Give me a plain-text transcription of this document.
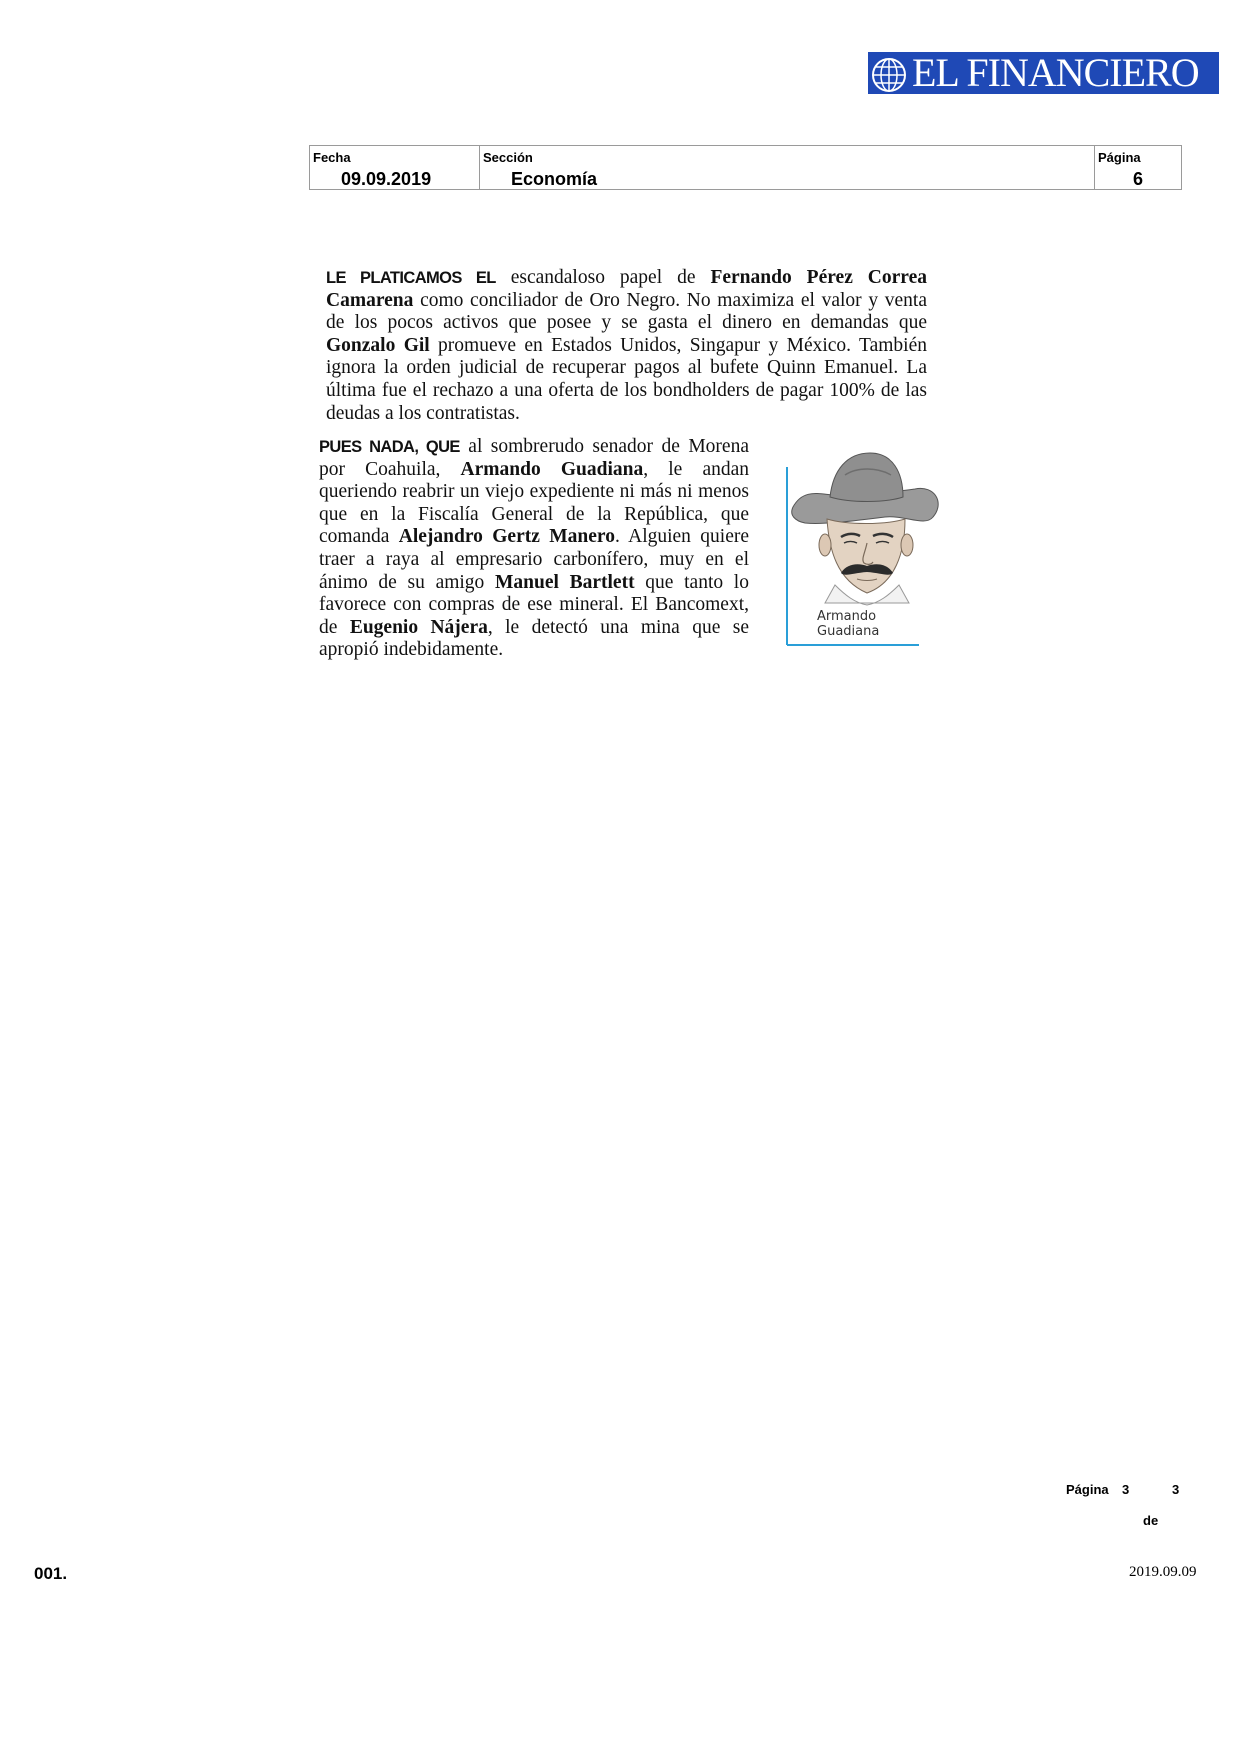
EL FINANCIERO
Fecha
09.09.2019
Sección
Economía
Página
6

LE PLATICAMOS EL escandaloso papel de Fernando Pérez Correa Camarena como conciliador de Oro Negro. No maximiza el valor y venta de los pocos activos que posee y se gasta el dinero en demandas que Gonzalo Gil promueve en Estados Unidos, Singapur y México. También ignora la orden judicial de recuperar pagos al bufete Quinn Emanuel. La última fue el rechazo a una oferta de los bondholders de pagar 100% de las deudas a los contratistas.

PUES NADA, QUE al sombrerudo senador de Morena por Coahuila, Armando Guadiana, le andan queriendo reabrir un viejo expediente ni más ni menos que en la Fiscalía General de la República, que comanda Alejandro Gertz Manero. Alguien quiere traer a raya al empresario carbonífero, muy en el ánimo de su amigo Manuel Bartlett que tanto lo favorece con compras de ese mineral. El Bancomext, de Eugenio Nájera, le detectó una mina que se apropió indebidamente.

Armando
Guadiana
Página 3	3
de
001.	2019.09.09
